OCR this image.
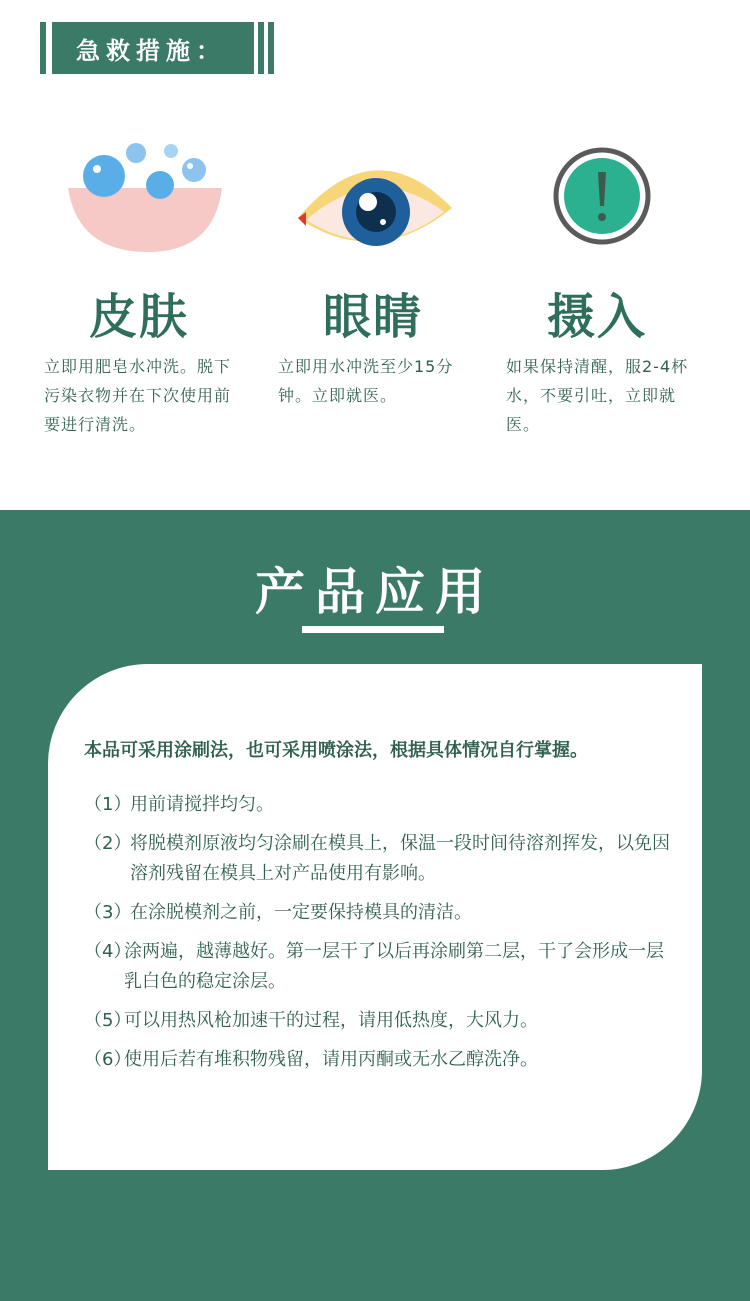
急救措施：
皮肤
立即用肥皂水冲洗。脱下污染衣物并在下次使用前要进行清洗。
眼睛
立即用水冲洗至少15分钟。立即就医。
摄入
如果保持清醒，服2-4杯水，不要引吐，立即就医。
产品应用
本品可采用涂刷法，也可采用喷涂法，根据具体情况自行掌握。
（1）
用前请搅拌均匀。
（2）
将脱模剂原液均匀涂刷在模具上，保温一段时间待溶剂挥发，以免因溶剂残留在模具上对产品使用有影响。
（3）
在涂脱模剂之前，一定要保持模具的清洁。
（4）
涂两遍，越薄越好。第一层干了以后再涂刷第二层，干了会形成一层乳白色的稳定涂层。
（5）
可以用热风枪加速干的过程，请用低热度，大风力。
（6）
使用后若有堆积物残留，请用丙酮或无水乙醇洗净。
